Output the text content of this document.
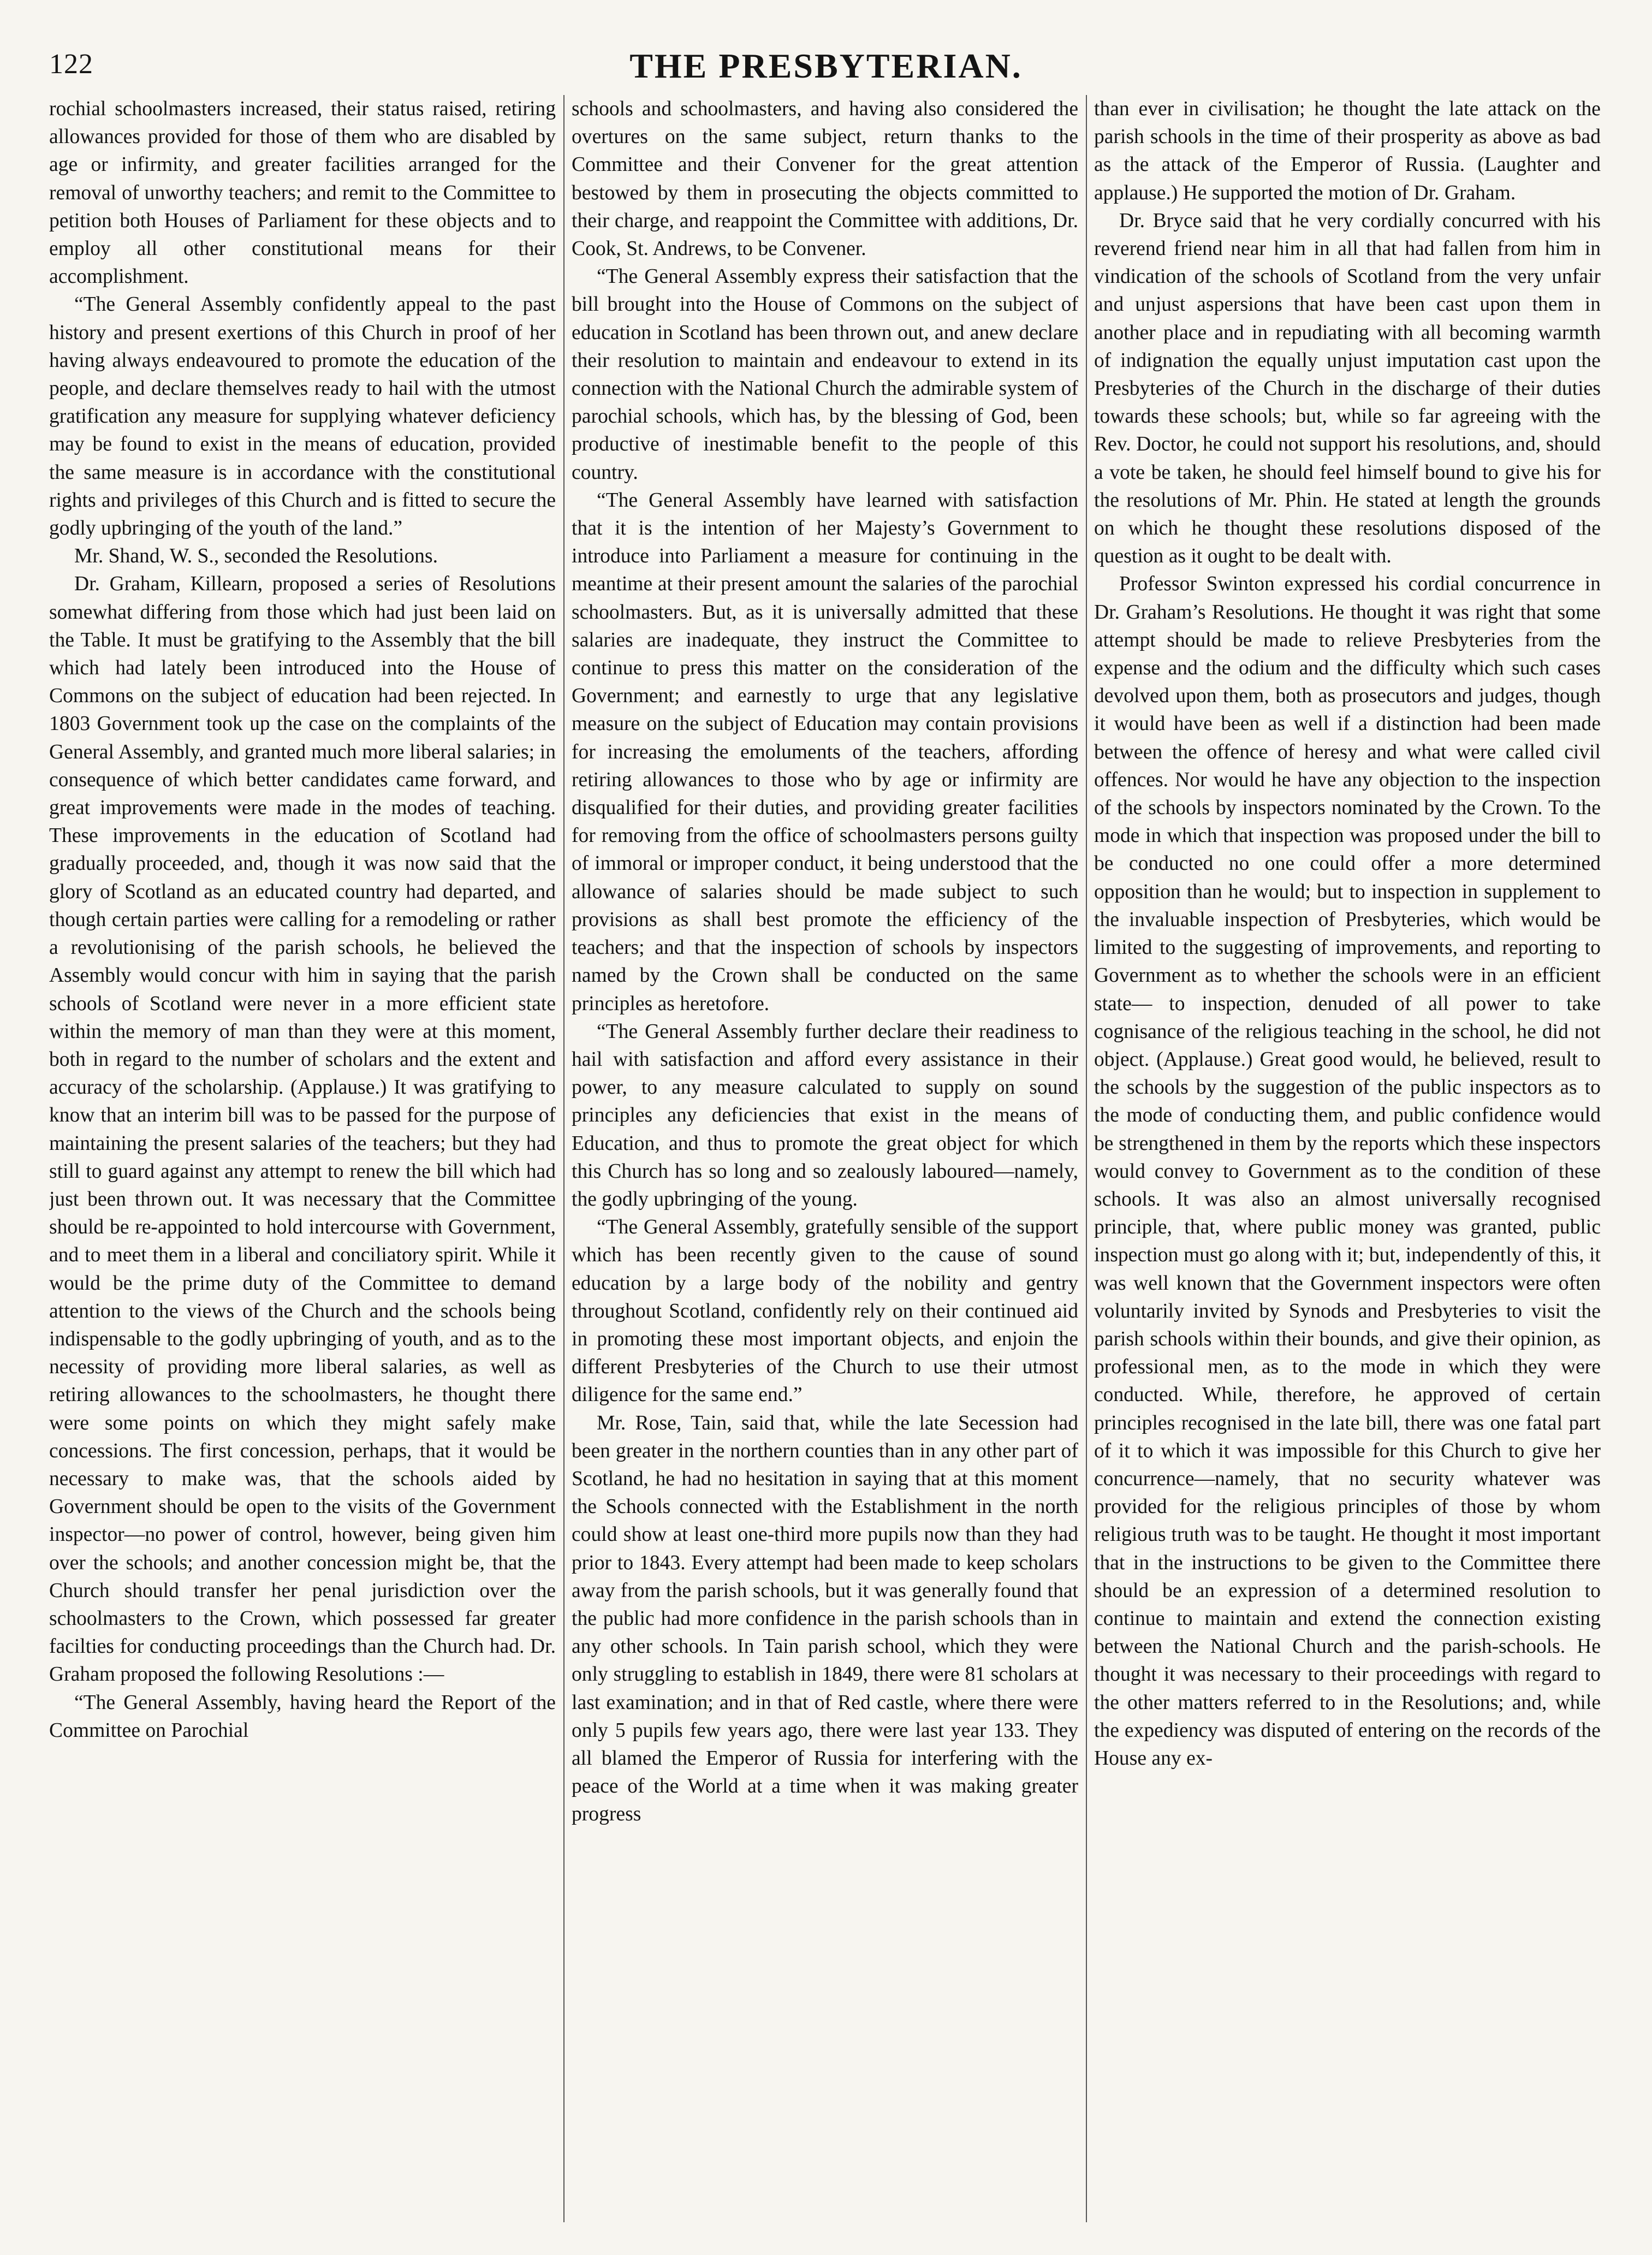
122	THE PRESBYTERIAN.

rochial schoolmasters increased, their status raised, retiring allowances provided for those of them who are disabled by age or infirmity, and greater facilities arranged for the removal of unworthy teachers; and remit to the Committee to petition both Houses of Parliament for these objects and to employ all other constitutional means for their accomplishment.

“The General Assembly confidently appeal to the past history and present exertions of this Church in proof of her having always endeavoured to promote the education of the people, and declare themselves ready to hail with the utmost gratification any measure for supplying whatever deficiency may be found to exist in the means of education, provided the same measure is in accordance with the constitutional rights and privileges of this Church and is fitted to secure the godly upbringing of the youth of the land.”

Mr. Shand, W. S., seconded the Resolutions.

Dr. Graham, Killearn, proposed a series of Resolutions somewhat differing from those which had just been laid on the Table. It must be gratifying to the Assembly that the bill which had lately been introduced into the House of Commons on the subject of education had been rejected. In 1803 Government took up the case on the complaints of the General Assembly, and granted much more liberal salaries; in consequence of which better candidates came forward, and great improvements were made in the modes of teaching. These improvements in the education of Scotland had gradually proceeded, and, though it was now said that the glory of Scotland as an educated country had departed, and though certain parties were calling for a remodeling or rather a revolutionising of the parish schools, he believed the Assembly would concur with him in saying that the parish schools of Scotland were never in a more efficient state within the memory of man than they were at this moment, both in regard to the number of scholars and the extent and accuracy of the scholarship. (Applause.) It was gratifying to know that an interim bill was to be passed for the purpose of maintaining the present salaries of the teachers; but they had still to guard against any attempt to renew the bill which had just been thrown out. It was necessary that the Committee should be re-appointed to hold intercourse with Government, and to meet them in a liberal and conciliatory spirit. While it would be the prime duty of the Committee to demand attention to the views of the Church and the schools being indispensable to the godly upbringing of youth, and as to the necessity of providing more liberal salaries, as well as retiring allowances to the schoolmasters, he thought there were some points on which they might safely make concessions. The first concession, perhaps, that it would be necessary to make was, that the schools aided by Government should be open to the visits of the Government inspector—no power of control, however, being given him over the schools; and another concession might be, that the Church should transfer her penal jurisdiction over the schoolmasters to the Crown, which possessed far greater facilties for conducting proceedings than the Church had. Dr. Graham proposed the following Resolutions :—

“The General Assembly, having heard the Report of the Committee on Parochial

schools and schoolmasters, and having also considered the overtures on the same subject, return thanks to the Committee and their Convener for the great attention bestowed by them in prosecuting the objects committed to their charge, and reappoint the Committee with additions, Dr. Cook, St. Andrews, to be Convener.

“The General Assembly express their satisfaction that the bill brought into the House of Commons on the subject of education in Scotland has been thrown out, and anew declare their resolution to maintain and endeavour to extend in its connection with the National Church the admirable system of parochial schools, which has, by the blessing of God, been productive of inestimable benefit to the people of this country.

“The General Assembly have learned with satisfaction that it is the intention of her Majesty’s Government to introduce into Parliament a measure for continuing in the meantime at their present amount the salaries of the parochial schoolmasters. But, as it is universally admitted that these salaries are inadequate, they instruct the Committee to continue to press this matter on the consideration of the Government; and earnestly to urge that any legislative measure on the subject of Education may contain provisions for increasing the emoluments of the teachers, affording retiring allowances to those who by age or infirmity are disqualified for their duties, and providing greater facilities for removing from the office of schoolmasters persons guilty of immoral or improper conduct, it being understood that the allowance of salaries should be made subject to such provisions as shall best promote the efficiency of the teachers; and that the inspection of schools by inspectors named by the Crown shall be conducted on the same principles as heretofore.

“The General Assembly further declare their readiness to hail with satisfaction and afford every assistance in their power, to any measure calculated to supply on sound principles any deficiencies that exist in the means of Education, and thus to promote the great object for which this Church has so long and so zealously laboured—namely, the godly upbringing of the young.

“The General Assembly, gratefully sensible of the support which has been recently given to the cause of sound education by a large body of the nobility and gentry throughout Scotland, confidently rely on their continued aid in promoting these most important objects, and enjoin the different Presbyteries of the Church to use their utmost diligence for the same end.”

Mr. Rose, Tain, said that, while the late Secession had been greater in the northern counties than in any other part of Scotland, he had no hesitation in saying that at this moment the Schools connected with the Establishment in the north could show at least one-third more pupils now than they had prior to 1843. Every attempt had been made to keep scholars away from the parish schools, but it was generally found that the public had more confidence in the parish schools than in any other schools. In Tain parish school, which they were only struggling to establish in 1849, there were 81 scholars at last examination; and in that of Red castle, where there were only 5 pupils few years ago, there were last year 133. They all blamed the Emperor of Russia for interfering with the peace of the World at a time when it was making greater progress

than ever in civilisation; he thought the late attack on the parish schools in the time of their prosperity as above as bad as the attack of the Emperor of Russia. (Laughter and applause.) He supported the motion of Dr. Graham.

Dr. Bryce said that he very cordially concurred with his reverend friend near him in all that had fallen from him in vindication of the schools of Scotland from the very unfair and unjust aspersions that have been cast upon them in another place and in repudiating with all becoming warmth of indignation the equally unjust imputation cast upon the Presbyteries of the Church in the discharge of their duties towards these schools; but, while so far agreeing with the Rev. Doctor, he could not support his resolutions, and, should a vote be taken, he should feel himself bound to give his for the resolutions of Mr. Phin. He stated at length the grounds on which he thought these resolutions disposed of the question as it ought to be dealt with.

Professor Swinton expressed his cordial concurrence in Dr. Graham’s Resolutions. He thought it was right that some attempt should be made to relieve Presbyteries from the expense and the odium and the difficulty which such cases devolved upon them, both as prosecutors and judges, though it would have been as well if a distinction had been made between the offence of heresy and what were called civil offences. Nor would he have any objection to the inspection of the schools by inspectors nominated by the Crown. To the mode in which that inspection was proposed under the bill to be conducted no one could offer a more determined opposition than he would; but to inspection in supplement to the invaluable inspection of Presbyteries, which would be limited to the suggesting of improvements, and reporting to Government as to whether the schools were in an efficient state— to inspection, denuded of all power to take cognisance of the religious teaching in the school, he did not object. (Applause.) Great good would, he believed, result to the schools by the suggestion of the public inspectors as to the mode of conducting them, and public confidence would be strengthened in them by the reports which these inspectors would convey to Government as to the condition of these schools. It was also an almost universally recognised principle, that, where public money was granted, public inspection must go along with it; but, independently of this, it was well known that the Government inspectors were often voluntarily invited by Synods and Presbyteries to visit the parish schools within their bounds, and give their opinion, as professional men, as to the mode in which they were conducted. While, therefore, he approved of certain principles recognised in the late bill, there was one fatal part of it to which it was impossible for this Church to give her concurrence—namely, that no security whatever was provided for the religious principles of those by whom religious truth was to be taught. He thought it most important that in the instructions to be given to the Committee there should be an expression of a determined resolution to continue to maintain and extend the connection existing between the National Church and the parish-schools. He thought it was necessary to their proceedings with regard to the other matters referred to in the Resolutions; and, while the expediency was disputed of entering on the records of the House any ex-
